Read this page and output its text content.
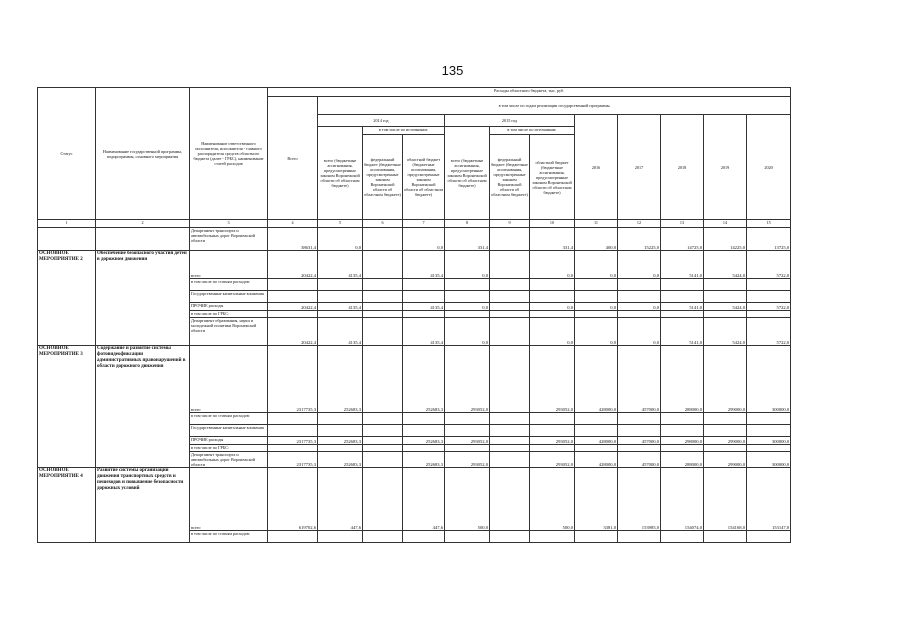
135
Статус	Наименование государственной программы, подпрограммы, основного мероприятия	Наименование ответственного исполнителя, исполнителя - главного распорядителя средств областного бюджета (далее - ГРБС), наименование статей расходов	Расходы областного бюджета, тыс. руб.											
			Всего	в том числе по годам реализации государственной программы										
				2014 год			2015 год			2016	2017	2018	2019	2020
				всего (бюджетные ассигнования, предусмотренные законом Воронежской области об областном бюджете)	в том числе по источникам:		всего (бюджетные ассигнования, предусмотренные законом Воронежской области об областном бюджете)	в том числе по источникам:						
					федеральный бюджет (бюджетные ассигнования, предусмотренные законом Воронежской области об областном бюджете)	областной бюджет (бюджетные ассигнования, предусмотренные законом Воронежской области об областном бюджете)		федеральный бюджет (бюджетные ассигнования, предусмотренные законом Воронежской области об областном бюджете)	областной бюджет (бюджетные ассигнования, предусмотренные законом Воронежской области об областном бюджете)					
1	2	3	4	5	6	7	8	9	10	11	12	13	14	15
		Департамент транспорта и автомобильных дорог Воронежской области	38631,4	0,0		0,0	331,4		331,4	400,0	15225,0	14725,0	14225,0	13725,0
ОСНОВНОЕ МЕРОПРИЯТИЕ 2	Обеспечение безопасного участия детей в дорожном движении	всего	20422,4	4135,4		4135,4	0,0		0,0	0,0	0,0	5141,0	5424,0	5722,0
		в том числе по статьям расходов:												
		Государственные капитальные вложения												
		ПРОЧИЕ расходы	20422,4	4135,4		4135,4	0,0		0,0	0,0	0,0	5141,0	5424,0	5722,0
		в том числе по ГРБС:												
		Департамент образования, науки и молодежной политики Воронежской области	20422,4	4135,4		4135,4	0,0		0,0	0,0	0,0	5141,0	5424,0	5722,0
ОСНОВНОЕ МЕРОПРИЯТИЕ 3	Содержание и развитие системы фотовидеофиксации административных правонарушений в области дорожного движения	всего	2317735,3	252683,3		252683,3	293052,0		293052,0	428000,0	457000,0	288000,0	299000,0	300000,0
		в том числе по статьям расходов:												
		Государственные капитальные вложения												
		ПРОЧИЕ расходы	2317735,3	252683,3		252683,3	293052,0		293052,0	428000,0	457000,0	298000,0	299000,0	300000,0
		в том числе по ГРБС:												
		Департамент транспорта и автомобильных дорог Воронежской области	2317735,3	252683,3		252683,3	293052,0		293052,0	428000,0	457000,0	288000,0	299000,0	300000,0
ОСНОВНОЕ МЕРОПРИЯТИЕ 4	Развитие системы организации движения транспортных средств и пешеходов и повышение безопасности дорожных условий	всего	619702,6	447,6		447,6	500,0		500,0	3381,0	153985,0	154074,0	154168,0	153147,0
		в том числе по статьям расходов:												
